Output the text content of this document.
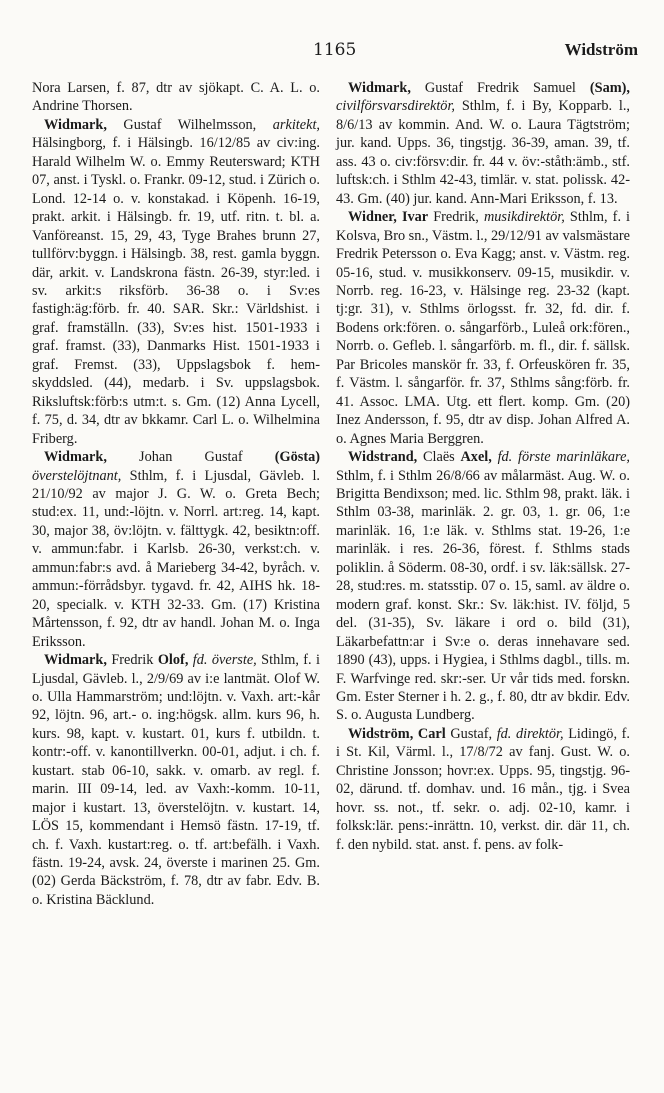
1165	Widström

Nora Larsen, f. 87, dtr av sjökapt. C. A. L. o. Andrine Thorsen.

Widmark, Gustaf Wilhelmsson, arkitekt, Hälsingborg, f. i Hälsingb. 16/12/85 av civ:ing. Harald Wilhelm W. o. Emmy Reutersward; KTH 07, anst. i Tyskl. o. Frankr. 09-12, stud. i Zürich o. Lond. 12-14 o. v. konstakad. i Köpenh. 16-19, prakt. arkit. i Hälsingb. fr. 19, utf. ritn. t. bl. a. Vanföreanst. 15, 29, 43, Tyge Brahes brunn 27, tullförv:byggn. i Hälsingb. 38, rest. gamla byggn. där, arkit. v. Landskrona fästn. 26-39, styr:led. i sv. arkit:s riksförb. 36-38 o. i Sv:es fastigh:äg:förb. fr. 40. SAR. Skr.: Världshist. i graf. framställn. (33), Sv:es hist. 1501-1933 i graf. framst. (33), Danmarks Hist. 1501-1933 i graf. Fremst. (33), Uppslagsbok f. hem- skyddsled. (44), medarb. i Sv. uppslagsbok. Riksluftsk:förb:s utm:t. s. Gm. (12) Anna Lycell, f. 75, d. 34, dtr av bkkamr. Carl L. o. Wilhelmina Friberg.

Widmark, Johan Gustaf (Gösta) överstelöjtnant, Sthlm, f. i Ljusdal, Gävleb. l. 21/10/92 av major J. G. W. o. Greta Bech; stud:ex. 11, und:-löjtn. v. Norrl. art:reg. 14, kapt. 30, major 38, öv:löjtn. v. fälttygk. 42, besiktn:off. v. ammun:fabr. i Karlsb. 26-30, verkst:ch. v. ammun:fabr:s avd. å Marieberg 34-42, byråch. v. ammun:-förrådsbyr. tygavd. fr. 42, AIHS hk. 18-20, specialk. v. KTH 32-33. Gm. (17) Kristina Mårtensson, f. 92, dtr av handl. Johan M. o. Inga Eriksson.

Widmark, Fredrik Olof, fd. överste, Sthlm, f. i Ljusdal, Gävleb. l., 2/9/69 av i:e lantmät. Olof W. o. Ulla Hammarström; und:löjtn. v. Vaxh. art:-kår 92, löjtn. 96, art.- o. ing:högsk. allm. kurs 96, h. kurs. 98, kapt. v. kustart. 01, kurs f. utbildn. t. kontr:-off. v. kanontillverkn. 00-01, adjut. i ch. f. kustart. stab 06-10, sakk. v. omarb. av regl. f. marin. III 09-14, led. av Vaxh:-komm. 10-11, major i kustart. 13, överstelöjtn. v. kustart. 14, LÖS 15, kommendant i Hemsö fästn. 17-19, tf. ch. f. Vaxh. kustart:reg. o. tf. art:befälh. i Vaxh. fästn. 19-24, avsk. 24, överste i marinen 25. Gm. (02) Gerda Bäckström, f. 78, dtr av fabr. Edv. B. o. Kristina Bäcklund.

Widmark, Gustaf Fredrik Samuel (Sam), civilförsvarsdirektör, Sthlm, f. i By, Kopparb. l., 8/6/13 av kommin. And. W. o. Laura Tägtström; jur. kand. Upps. 36, tingstjg. 36-39, aman. 39, tf. ass. 43 o. civ:försv:dir. fr. 44 v. öv:-ståth:ämb., stf. luftsk:ch. i Sthlm 42-43, timlär. v. stat. polissk. 42-43. Gm. (40) jur. kand. Ann-Mari Eriksson, f. 13.

Widner, Ivar Fredrik, musikdirektör, Sthlm, f. i Kolsva, Bro sn., Västm. l., 29/12/91 av valsmästare Fredrik Petersson o. Eva Kagg; anst. v. Västm. reg. 05-16, stud. v. musikkonserv. 09-15, musikdir. v. Norrb. reg. 16-23, v. Hälsinge reg. 23-32 (kapt. tj:gr. 31), v. Sthlms örlogsst. fr. 32, fd. dir. f. Bodens ork:fören. o. sångarförb., Luleå ork:fören., Norrb. o. Gefleb. l. sångarförb. m. fl., dir. f. sällsk. Par Bricoles manskör fr. 33, f. Orfeuskören fr. 35, f. Västm. l. sångarför. fr. 37, Sthlms sång:förb. fr. 41. Assoc. LMA. Utg. ett flert. komp. Gm. (20) Inez Andersson, f. 95, dtr av disp. Johan Alfred A. o. Agnes Maria Berggren.

Widstrand, Claës Axel, fd. förste marinläkare, Sthlm, f. i Sthlm 26/8/66 av målarmäst. Aug. W. o. Brigitta Bendixson; med. lic. Sthlm 98, prakt. läk. i Sthlm 03-38, marinläk. 2. gr. 03, 1. gr. 06, 1:e marinläk. 16, 1:e läk. v. Sthlms stat. 19-26, 1:e marinläk. i res. 26-36, förest. f. Sthlms stads poliklin. å Söderm. 08-30, ordf. i sv. läk:sällsk. 27-28, stud:res. m. statsstip. 07 o. 15, saml. av äldre o. modern graf. konst. Skr.: Sv. läk:hist. IV. följd, 5 del. (31-35), Sv. läkare i ord o. bild (31), Läkarbefattn:ar i Sv:e o. deras innehavare sed. 1890 (43), upps. i Hygiea, i Sthlms dagbl., tills. m. F. Warfvinge red. skr:-ser. Ur vår tids med. forskn. Gm. Ester Sterner i h. 2. g., f. 80, dtr av bkdir. Edv. S. o. Augusta Lundberg.

Widström, Carl Gustaf, fd. direktör, Lidingö, f. i St. Kil, Värml. l., 17/8/72 av fanj. Gust. W. o. Christine Jonsson; hovr:ex. Upps. 95, tingstjg. 96-02, därund. tf. domhav. und. 16 mån., tjg. i Svea hovr. ss. not., tf. sekr. o. adj. 02-10, kamr. i folksk:lär. pens:-inrättn. 10, verkst. dir. där 11, ch. f. den nybild. stat. anst. f. pens. av folk-
